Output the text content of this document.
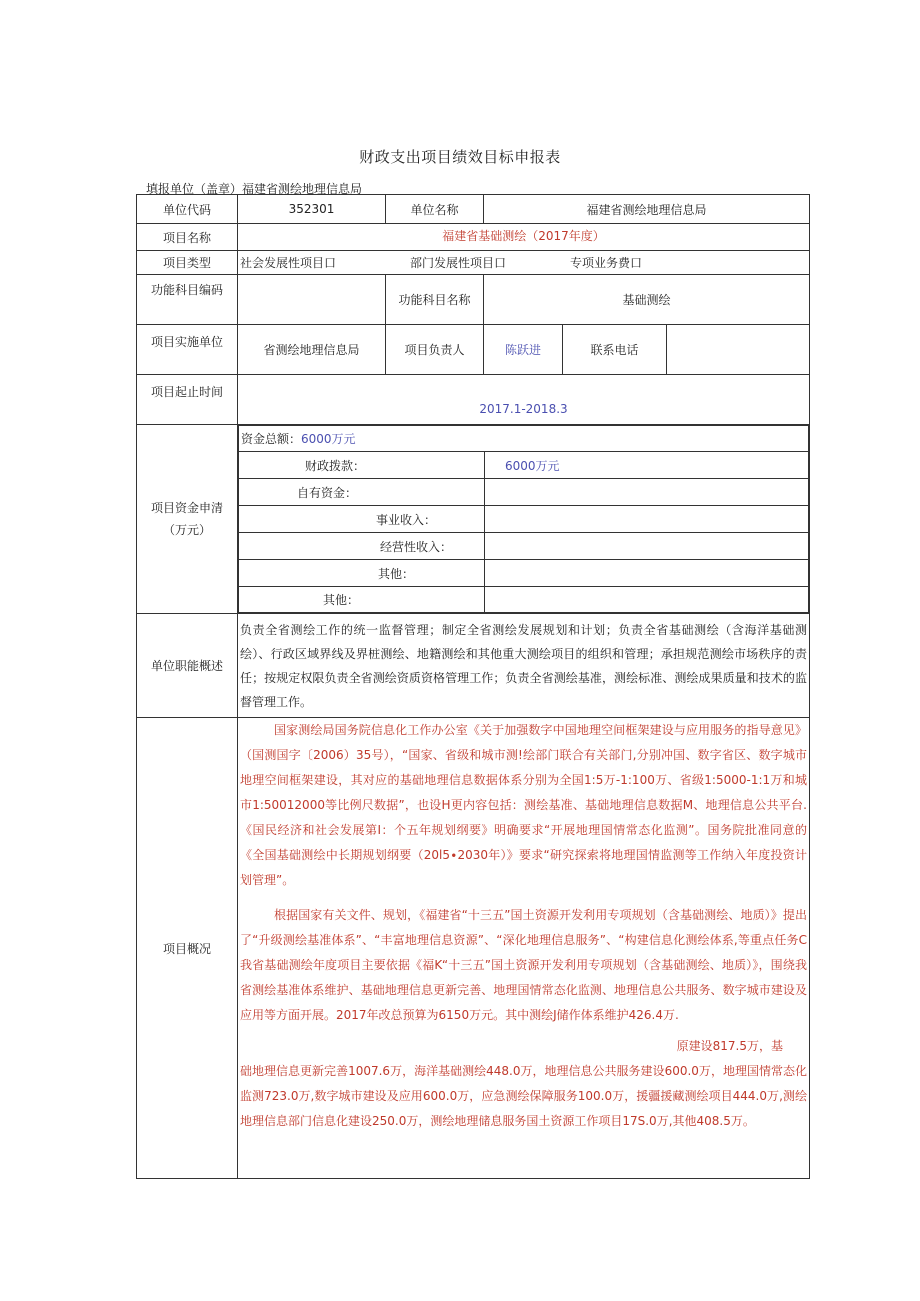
财政支出项目绩效目标申报表
填报单位（盖章）福建省测绘地理信息局
单位代码	352301	单位名称	福建省测绘地理信息局
项目名称	福建省基础测绘（2017年度）
项目类型	社会发展性项目口	部门发展性项目口	专项业务费口
功能科目编码		功能科目名称	基础测绘
项目实施单位	省测绘地理信息局	项目负责人	陈跃进	联系电话	
项目起止时间	2017.1-2018.3

项目资金申清
（万元）

资金总额：6000万元
财政拨款：	6000万元
自有资金：	
事业收入：	
经营性收入：	
其他：	
其他：	

单位职能概述	负责全省测绘工作的统一监督管理；制定全省测绘发展规划和计划；负责全省基础测绘（含海洋基础测绘）、行政区域界线及界桩测绘、地籍测绘和其他重大测绘项目的组织和管理；承担规范测绘市场秩序的责任；按规定权限负责全省测绘资质资格管理工作；负责全省测绘基准，测绘标准、测绘成果质量和技术的监督管理工作。
项目概况	

国家测绘局国务院信息化工作办公室《关于加强数字中国地理空间框架建设与应用服务的指导意见》（国测国字〔2006）35号），“国家、省级和城市测!绘部门联合有关部门,分别冲国、数字省区、数字城市地理空间框架建设，其对应的基础地理信息数据体系分别为全国1:5万-1:100万、省级1:5000-1:1万和城市1:50012000等比例尺数据”，也设H更内容包括：测绘基准、基础地理信息数据M、地理信息公共平台.《国民经济和社会发展第I：个五年规划纲要》明确要求“开展地理国情常态化监测”。国务院批准同意的《全国基础测绘中长期规划纲要（20l5∙2030年）》要求“研究探索将地理国情监测等工作纳入年度投资计划管理”。

根据国家有关文件、规划，《福建省“十三五”国土资源开发利用专项规划（含基础测绘、地质）》提出了“升级测绘基准体系”、“丰富地理信息资源”、“深化地理信息服务”、“构建信息化测绘体系,等重点任务C我省基础测绘年度项目主要依据《福K“十三五”国土资源开发利用专项规划（含基础测绘、地质）》，围绕我省测绘基准体系维护、基础地理信息更新完善、地理国情常态化监测、地理信息公共服务、数字城市建设及应用等方面开展。2017年改总预算为6150万元。其中测绘J储作体系维护426.4万.

原建设817.5万，基

础地理信息更新完善1007.6万，海洋基础测绘448.0万，地理信息公共服务建设600.0万，地理国情常态化监测723.0万,数字城市建设及应用600.0万，应急测绘保障服务100.0万，援疆援藏测绘项目444.0万,测绘地理信息部门信息化建设250.0万，测绘地理储息服务国土资源工作项目17S.0万,其他408.5万。
